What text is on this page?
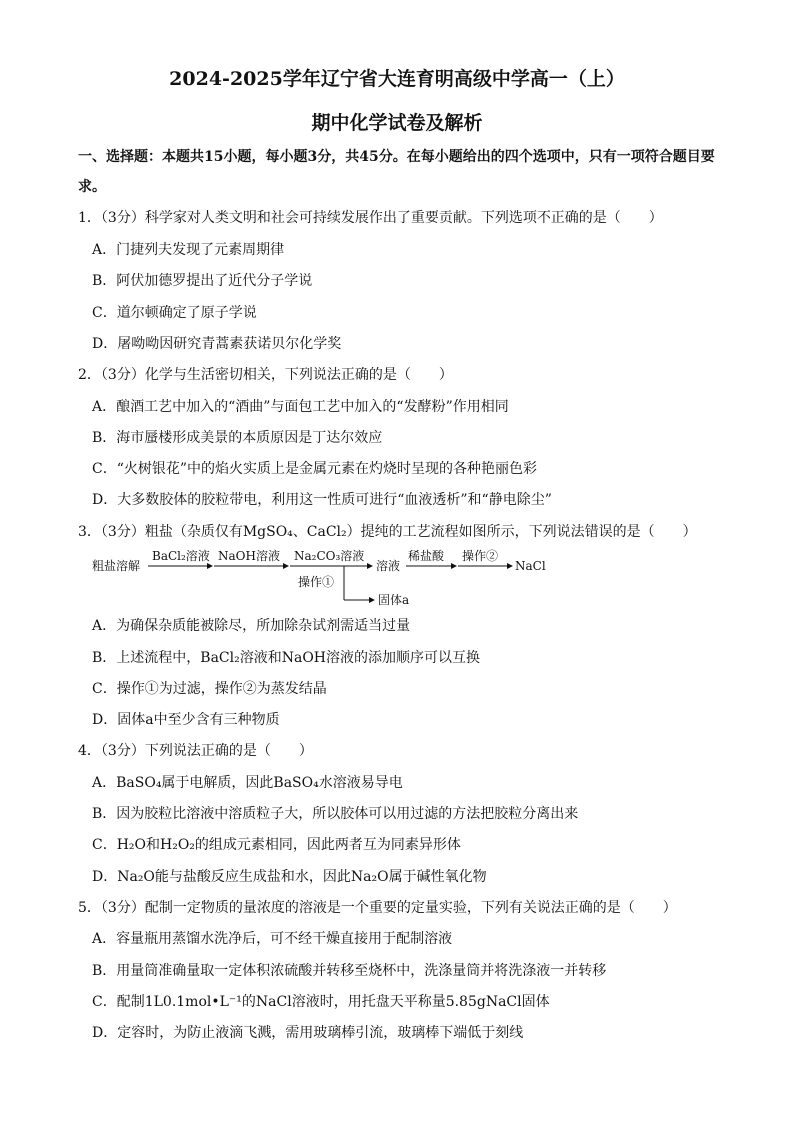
2024-2025学年辽宁省大连育明高级中学高一（上）
期中化学试卷及解析

一、选择题：本题共15小题，每小题3分，共45分。在每小题给出的四个选项中，只有一项符合题目要求。

1．（3分）科学家对人类文明和社会可持续发展作出了重要贡献。下列选项不正确的是（　　）

A．门捷列夫发现了元素周期律

B．阿伏加德罗提出了近代分子学说

C．道尔顿确定了原子学说

D．屠呦呦因研究青蒿素获诺贝尔化学奖

2．（3分）化学与生活密切相关，下列说法正确的是（　　）

A．酿酒工艺中加入的“酒曲”与面包工艺中加入的“发酵粉”作用相同

B．海市蜃楼形成美景的本质原因是丁达尔效应

C．“火树银花”中的焰火实质上是金属元素在灼烧时呈现的各种艳丽色彩

D．大多数胶体的胶粒带电，利用这一性质可进行“血液透析”和“静电除尘”

3．（3分）粗盐（杂质仅有MgSO₄、CaCl₂）提纯的工艺流程如图所示，下列说法错误的是（　　）

粗盐溶解
BaCl₂溶液 NaOH溶液 Na₂CO₃溶液
操作①
溶液
稀盐酸 操作②
NaCl
固体a

A．为确保杂质能被除尽，所加除杂试剂需适当过量

B．上述流程中，BaCl₂溶液和NaOH溶液的添加顺序可以互换

C．操作①为过滤，操作②为蒸发结晶

D．固体a中至少含有三种物质

4．（3分）下列说法正确的是（　　）

A．BaSO₄属于电解质，因此BaSO₄水溶液易导电

B．因为胶粒比溶液中溶质粒子大，所以胶体可以用过滤的方法把胶粒分离出来

C．H₂O和H₂O₂的组成元素相同，因此两者互为同素异形体

D．Na₂O能与盐酸反应生成盐和水，因此Na₂O属于碱性氧化物

5．（3分）配制一定物质的量浓度的溶液是一个重要的定量实验，下列有关说法正确的是（　　）

A．容量瓶用蒸馏水洗净后，可不经干燥直接用于配制溶液

B．用量筒准确量取一定体积浓硫酸并转移至烧杯中，洗涤量筒并将洗涤液一并转移

C．配制1L0.1mol•L⁻¹的NaCl溶液时，用托盘天平称量5.85gNaCl固体

D．定容时，为防止液滴飞溅，需用玻璃棒引流，玻璃棒下端低于刻线
